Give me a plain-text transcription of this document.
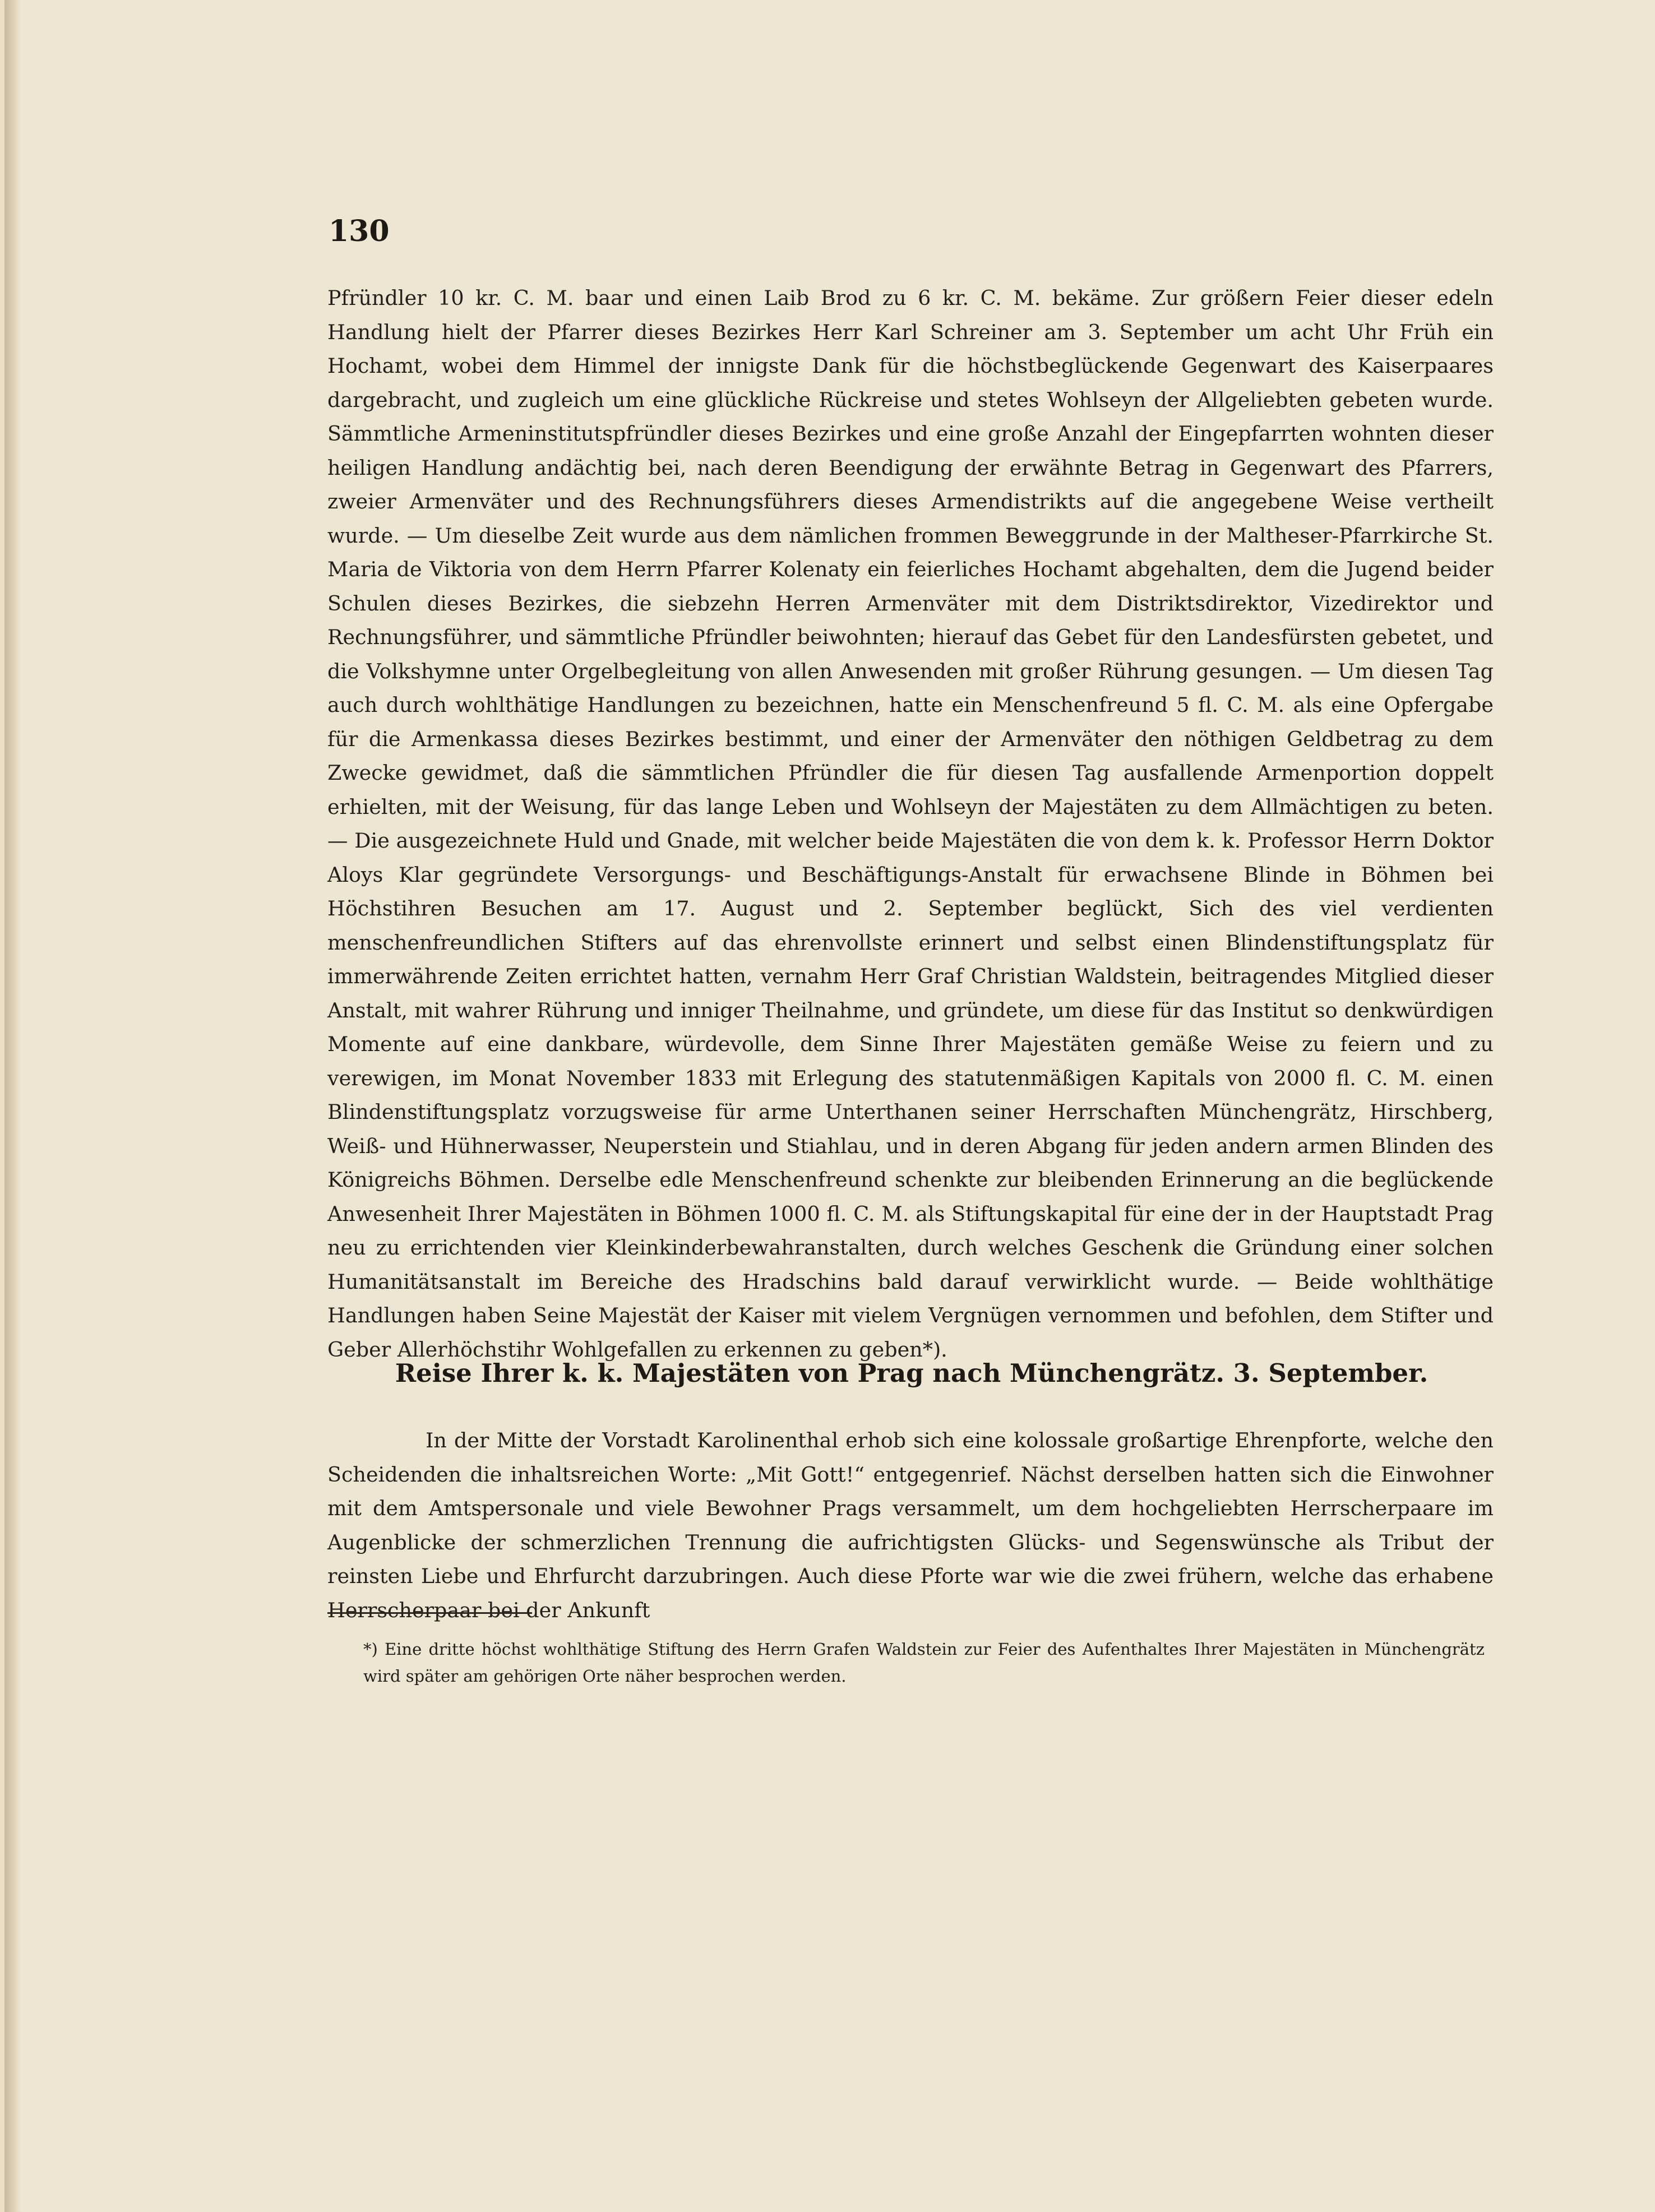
130

Pfründler 10 kr. C. M. baar und einen Laib Brod zu 6 kr. C. M. bekäme. Zur größern Feier dieser edeln Handlung hielt der Pfarrer dieses Bezirkes Herr Karl Schreiner am 3. September um acht Uhr Früh ein Hochamt, wobei dem Himmel der innigste Dank für die höchstbeglückende Gegenwart des Kaiserpaares dargebracht, und zugleich um eine glückliche Rückreise und stetes Wohlseyn der Allgeliebten gebeten wurde. Sämmtliche Armeninstitutspfründler dieses Bezirkes und eine große Anzahl der Eingepfarrten wohnten dieser heiligen Handlung andächtig bei, nach deren Beendigung der erwähnte Betrag in Gegenwart des Pfarrers, zweier Armenväter und des Rechnungsführers dieses Armendistrikts auf die angegebene Weise vertheilt wurde. — Um dieselbe Zeit wurde aus dem nämlichen frommen Beweggrunde in der Maltheser-Pfarrkirche St. Maria de Viktoria von dem Herrn Pfarrer Kolenaty ein feierliches Hochamt abgehalten, dem die Jugend beider Schulen dieses Bezirkes, die siebzehn Herren Armenväter mit dem Distriktsdirektor, Vizedirektor und Rechnungsführer, und sämmtliche Pfründler beiwohnten; hierauf das Gebet für den Landesfürsten gebetet, und die Volkshymne unter Orgelbegleitung von allen Anwesenden mit großer Rührung gesungen. — Um diesen Tag auch durch wohlthätige Handlungen zu bezeichnen, hatte ein Menschenfreund 5 fl. C. M. als eine Opfergabe für die Armenkassa dieses Bezirkes bestimmt, und einer der Armenväter den nöthigen Geldbetrag zu dem Zwecke gewidmet, daß die sämmtlichen Pfründler die für diesen Tag ausfallende Armenportion doppelt erhielten, mit der Weisung, für das lange Leben und Wohlseyn der Majestäten zu dem Allmächtigen zu beten. — Die ausgezeichnete Huld und Gnade, mit welcher beide Majestäten die von dem k. k. Professor Herrn Doktor Aloys Klar gegründete Versorgungs- und Beschäftigungs-Anstalt für erwachsene Blinde in Böhmen bei Höchstihren Besuchen am 17. August und 2. September beglückt, Sich des viel verdienten menschenfreundlichen Stifters auf das ehrenvollste erinnert und selbst einen Blindenstiftungsplatz für immerwährende Zeiten errichtet hatten, vernahm Herr Graf Christian Waldstein, beitragendes Mitglied dieser Anstalt, mit wahrer Rührung und inniger Theilnahme, und gründete, um diese für das Institut so denkwürdigen Momente auf eine dankbare, würdevolle, dem Sinne Ihrer Majestäten gemäße Weise zu feiern und zu verewigen, im Monat November 1833 mit Erlegung des statutenmäßigen Kapitals von 2000 fl. C. M. einen Blindenstiftungsplatz vorzugsweise für arme Unterthanen seiner Herrschaften Münchengrätz, Hirschberg, Weiß- und Hühnerwasser, Neuperstein und Stiahlau, und in deren Abgang für jeden andern armen Blinden des Königreichs Böhmen. Derselbe edle Menschenfreund schenkte zur bleibenden Erinnerung an die beglückende Anwesenheit Ihrer Majestäten in Böhmen 1000 fl. C. M. als Stiftungskapital für eine der in der Hauptstadt Prag neu zu errichtenden vier Kleinkinderbewahranstalten, durch welches Geschenk die Gründung einer solchen Humanitätsanstalt im Bereiche des Hradschins bald darauf verwirklicht wurde. — Beide wohlthätige Handlungen haben Seine Majestät der Kaiser mit vielem Vergnügen vernommen und befohlen, dem Stifter und Geber Allerhöchstihr Wohlgefallen zu erkennen zu geben*).

Reise Ihrer k. k. Majestäten von Prag nach Münchengrätz. 3. September.

In der Mitte der Vorstadt Karolinenthal erhob sich eine kolossale großartige Ehrenpforte, welche den Scheidenden die inhaltsreichen Worte: „Mit Gott!“ entgegenrief. Nächst derselben hatten sich die Einwohner mit dem Amtspersonale und viele Bewohner Prags versammelt, um dem hochgeliebten Herrscherpaare im Augenblicke der schmerzlichen Trennung die aufrichtigsten Glücks- und Segenswünsche als Tribut der reinsten Liebe und Ehrfurcht darzubringen. Auch diese Pforte war wie die zwei frühern, welche das erhabene Herrscherpaar bei der Ankunft

*) Eine dritte höchst wohlthätige Stiftung des Herrn Grafen Waldstein zur Feier des Aufenthaltes Ihrer Majestäten in Münchengrätz wird später am gehörigen Orte näher besprochen werden.
